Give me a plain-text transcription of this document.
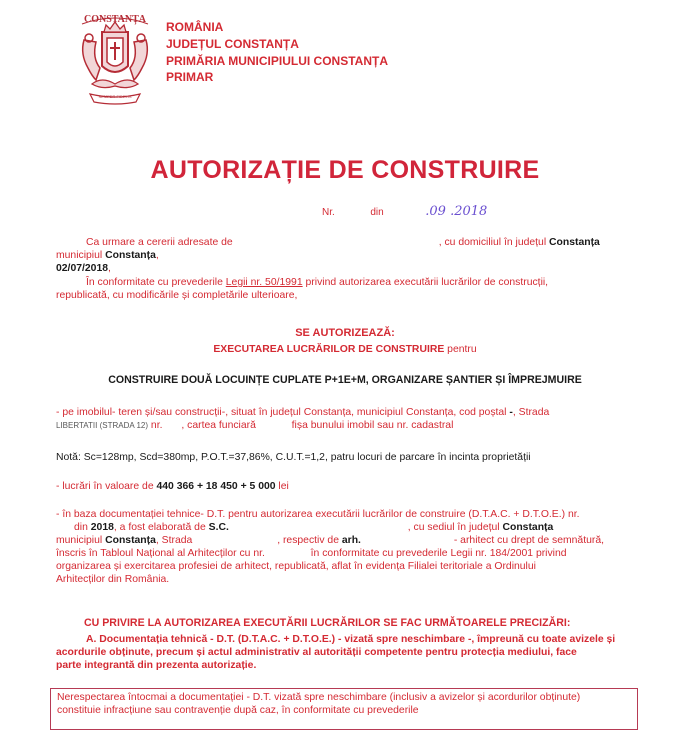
CONSTANȚA
SEMPER FIDELIS
ROMÂNIA
JUDEȚUL CONSTANȚA
PRIMĂRIA MUNICIPIULUI CONSTANȚA
PRIMAR
AUTORIZAȚIE DE CONSTRUIRE
Nr.	din	.09 .2018
Ca urmare a cererii adresate de	, cu domiciliul în județul Constanța
municipiul Constanța,
02/07/2018,
În conformitate cu prevederile Legii nr. 50/1991 privind autorizarea executării lucrărilor de construcții,
republicată, cu modificările și completările ulterioare,
SE AUTORIZEAZĂ:
EXECUTAREA LUCRĂRILOR DE CONSTRUIRE pentru
CONSTRUIRE DOUĂ LOCUINȚE CUPLATE P+1E+M, ORGANIZARE ȘANTIER ȘI ÎMPREJMUIRE
- pe imobilul- teren și/sau construcții-, situat în județul Constanța, municipiul Constanța, cod poștal -, Strada
LIBERTATII (STRADA 12) nr. , cartea funciară	fișa bunului imobil sau nr. cadastral
Notă: Sc=128mp, Scd=380mp, P.O.T.=37,86%, C.U.T.=1,2, patru locuri de parcare în incinta proprietății
- lucrări în valoare de 440 366 + 18 450 + 5 000 lei
- în baza documentației tehnice- D.T. pentru autorizarea executării lucrărilor de construire (D.T.A.C. + D.T.O.E.) nr.
din 2018, a fost elaborată de S.C.	, cu sediul în județul Constanța
municipiul Constanța, Strada	, respectiv de arh.	- arhitect cu drept de semnătură,
înscris în Tabloul Național al Arhitecților cu nr.	în conformitate cu prevederile Legii nr. 184/2001 privind
organizarea și exercitarea profesiei de arhitect, republicată, aflat în evidența Filialei teritoriale a Ordinului
Arhitecților din România.
CU PRIVIRE LA AUTORIZAREA EXECUTĂRII LUCRĂRILOR SE FAC URMĂTOARELE PRECIZĂRI:
A. Documentația tehnică - D.T. (D.T.A.C. + D.T.O.E.) - vizată spre neschimbare -, împreună cu toate avizele și
acordurile obținute, precum și actul administrativ al autorității competente pentru protecția mediului, face
parte integrantă din prezenta autorizație.
Nerespectarea întocmai a documentației - D.T. vizată spre neschimbare (inclusiv a avizelor și acordurilor obținute)
constituie infracțiune sau contravenție după caz, în conformitate cu prevederile
